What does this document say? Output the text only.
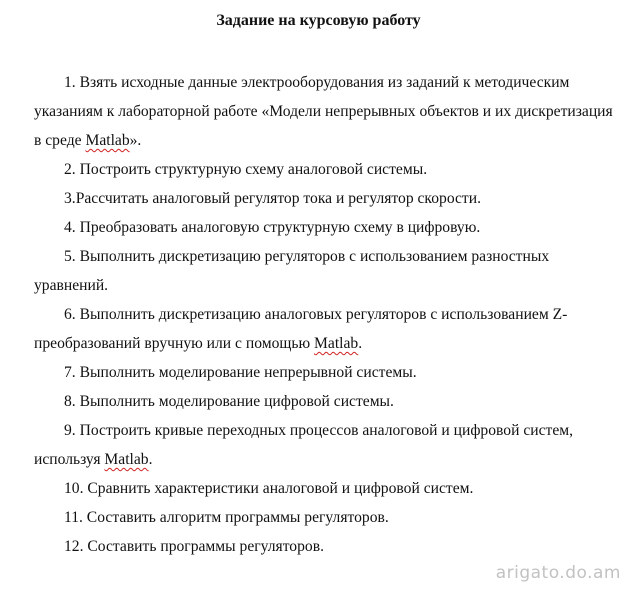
Задание на курсовую работу

1. Взять исходные данные электрооборудования из заданий к методическим указаниям к лабораторной работе «Модели непрерывных объектов и их дискретизация в среде Matlab».

2. Построить структурную схему аналоговой системы.

3.Рассчитать аналоговый регулятор тока и регулятор скорости.

4. Преобразовать аналоговую структурную схему в цифровую.

5. Выполнить дискретизацию регуляторов с использованием разностных уравнений.

6. Выполнить дискретизацию аналоговых регуляторов с использованием Z-преобразований вручную или с помощью Matlab.

7. Выполнить моделирование непрерывной системы.

8. Выполнить моделирование цифровой системы.

9. Построить кривые переходных процессов аналоговой и цифровой систем, используя Matlab.

10. Сравнить характеристики аналоговой и цифровой систем.

11. Составить алгоритм программы регуляторов.

12. Составить программы регуляторов.

arigato.do.am
